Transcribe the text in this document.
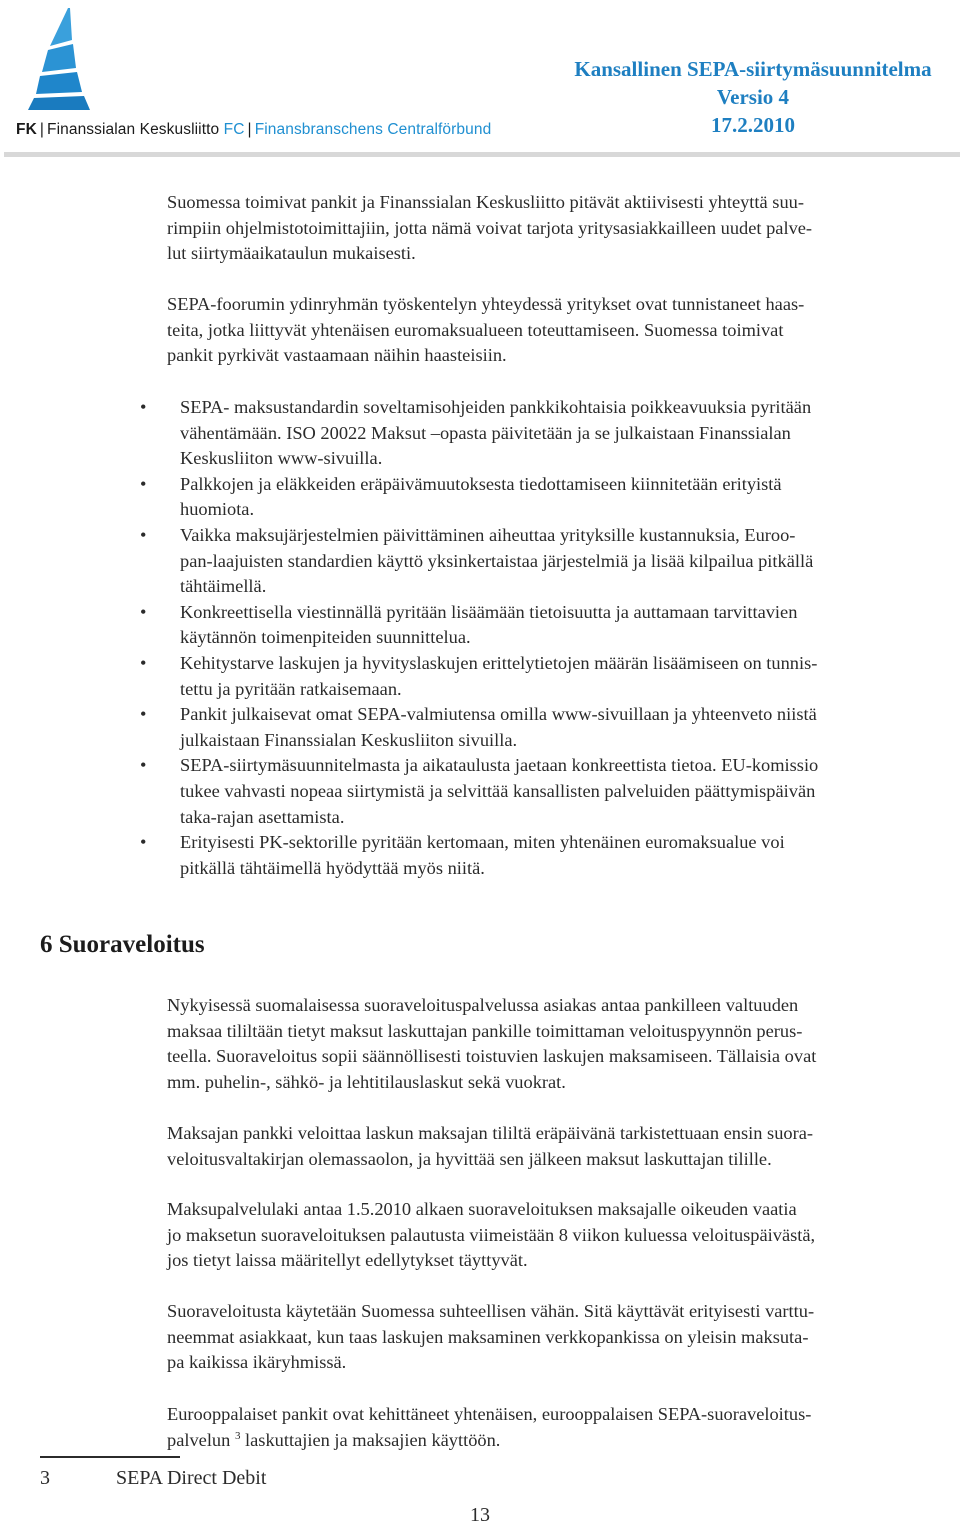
FK | Finanssialan Keskusliitto FC | Finansbranschens Centralförbund
Kansallinen SEPA-siirtymäsuunnitelma
Versio 4
17.2.2010

Suomessa toimivat pankit ja Finanssialan Keskusliitto pitävät aktiivisesti yhteyttä suu-
rimpiin ohjelmistotoimittajiin, jotta nämä voivat tarjota yritysasiakkailleen uudet palve-
lut siirtymäaikataulun mukaisesti.

SEPA-foorumin ydinryhmän työskentelyn yhteydessä yritykset ovat tunnistaneet haas-
teita, jotka liittyvät yhtenäisen euromaksualueen toteuttamiseen. Suomessa toimivat
pankit pyrkivät vastaamaan näihin haasteisiin.

• SEPA- maksustandardin soveltamisohjeiden pankkikohtaisia poikkeavuuksia pyritään
vähentämään. ISO 20022 Maksut –opasta päivitetään ja se julkaistaan Finanssialan
Keskusliiton www-sivuilla.
• Palkkojen ja eläkkeiden eräpäivämuutoksesta tiedottamiseen kiinnitetään erityistä
huomiota.
• Vaikka maksujärjestelmien päivittäminen aiheuttaa yrityksille kustannuksia, Euroo-
pan-laajuisten standardien käyttö yksinkertaistaa järjestelmiä ja lisää kilpailua pitkällä
tähtäimellä.
• Konkreettisella viestinnällä pyritään lisäämään tietoisuutta ja auttamaan tarvittavien
käytännön toimenpiteiden suunnittelua.
• Kehitystarve laskujen ja hyvityslaskujen erittelytietojen määrän lisäämiseen on tunnis-
tettu ja pyritään ratkaisemaan.
• Pankit julkaisevat omat SEPA-valmiutensa omilla www-sivuillaan ja yhteenveto niistä
julkaistaan Finanssialan Keskusliiton sivuilla.
• SEPA-siirtymäsuunnitelmasta ja aikataulusta jaetaan konkreettista tietoa. EU-komissio
tukee vahvasti nopeaa siirtymistä ja selvittää kansallisten palveluiden päättymispäivän
taka-rajan asettamista.
• Erityisesti PK-sektorille pyritään kertomaan, miten yhtenäinen euromaksualue voi
pitkällä tähtäimellä hyödyttää myös niitä.
6 Suoraveloitus

Nykyisessä suomalaisessa suoraveloituspalvelussa asiakas antaa pankilleen valtuuden
maksaa tililtään tietyt maksut laskuttajan pankille toimittaman veloituspyynnön perus-
teella. Suoraveloitus sopii säännöllisesti toistuvien laskujen maksamiseen. Tällaisia ovat
mm. puhelin-, sähkö- ja lehtitilauslaskut sekä vuokrat.

Maksajan pankki veloittaa laskun maksajan tililtä eräpäivänä tarkistettuaan ensin suora-
veloitusvaltakirjan olemassaolon, ja hyvittää sen jälkeen maksut laskuttajan tilille.

Maksupalvelulaki antaa 1.5.2010 alkaen suoraveloituksen maksajalle oikeuden vaatia
jo maksetun suoraveloituksen palautusta viimeistään 8 viikon kuluessa veloituspäivästä,
jos tietyt laissa määritellyt edellytykset täyttyvät.

Suoraveloitusta käytetään Suomessa suhteellisen vähän. Sitä käyttävät erityisesti varttu-
neemmat asiakkaat, kun taas laskujen maksaminen verkkopankissa on yleisin maksuta-
pa kaikissa ikäryhmissä.

Eurooppalaiset pankit ovat kehittäneet yhtenäisen, eurooppalaisen SEPA-suoraveloitus-
palvelun $^3$ laskuttajien ja maksajien käyttöön.

3	SEPA Direct Debit
13
